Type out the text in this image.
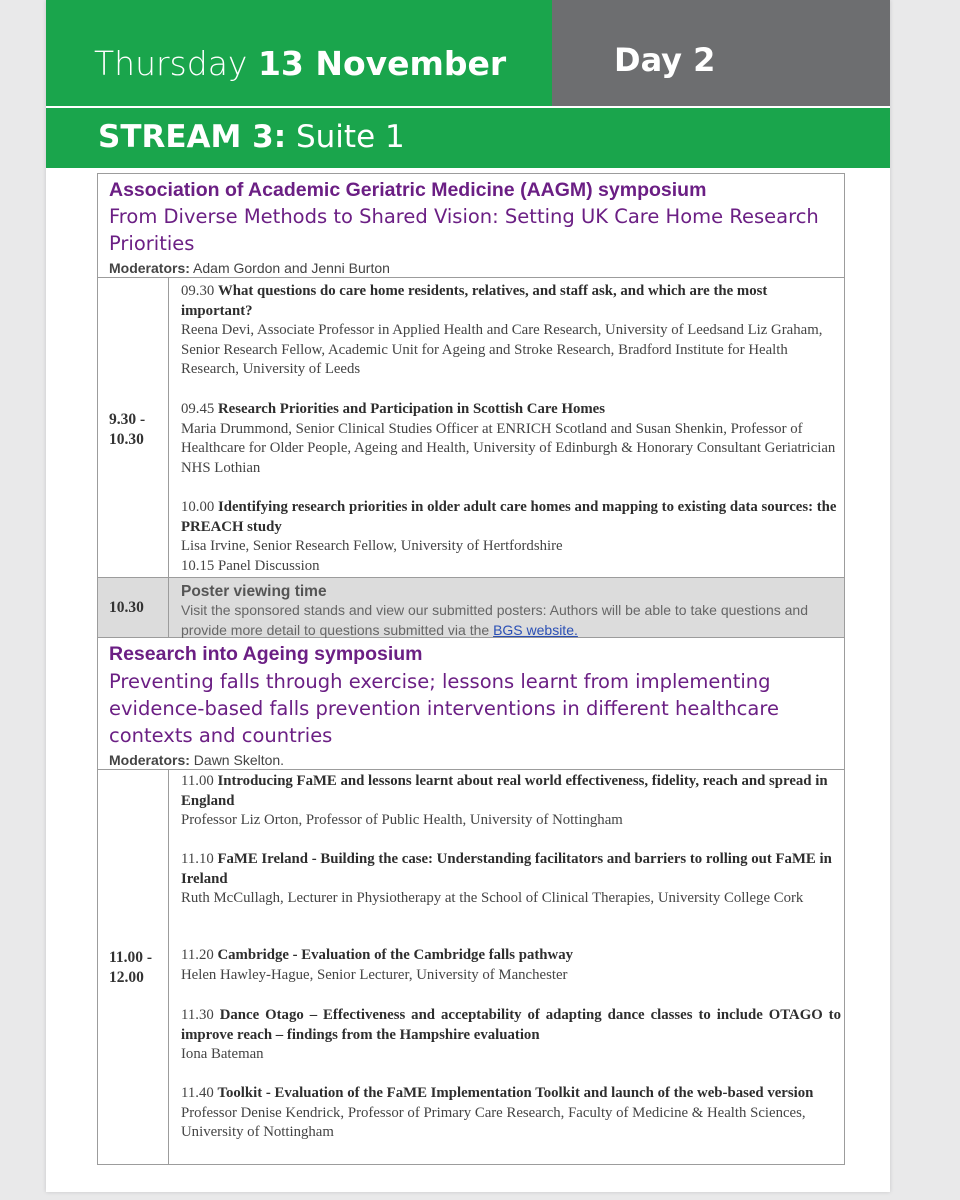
Thursday 13 November	Day 2
STREAM 3: Suite 1
Association of Academic Geriatric Medicine (AAGM) symposium
From Diverse Methods to Shared Vision: Setting UK Care Home Research Priorities
Moderators: Adam Gordon and Jenni Burton
9.30 -
10.30
09.30 What questions do care home residents, relatives, and staff ask, and which are the most important?
Reena Devi, Associate Professor in Applied Health and Care Research, University of Leedsand Liz Graham, Senior Research Fellow, Academic Unit for Ageing and Stroke Research, Bradford Institute for Health Research, University of Leeds
09.45 Research Priorities and Participation in Scottish Care Homes
Maria Drummond, Senior Clinical Studies Officer at ENRICH Scotland and Susan Shenkin, Professor of Healthcare for Older People, Ageing and Health, University of Edinburgh & Honorary Consultant Geriatrician NHS Lothian
10.00 Identifying research priorities in older adult care homes and mapping to existing data sources: the PREACH study
Lisa Irvine, Senior Research Fellow, University of Hertfordshire
10.15 Panel Discussion
10.30
Poster viewing time
Visit the sponsored stands and view our submitted posters: Authors will be able to take questions and provide more detail to questions submitted via the BGS website.
Research into Ageing symposium
Preventing falls through exercise; lessons learnt from implementing evidence-based falls prevention interventions in different healthcare contexts and countries
Moderators: Dawn Skelton.
11.00 -
12.00
11.00 Introducing FaME and lessons learnt about real world effectiveness, fidelity, reach and spread in England
Professor Liz Orton, Professor of Public Health, University of Nottingham
11.10 FaME Ireland - Building the case: Understanding facilitators and barriers to rolling out FaME in Ireland
Ruth McCullagh, Lecturer in Physiotherapy at the School of Clinical Therapies, University College Cork
11.20 Cambridge - Evaluation of the Cambridge falls pathway
Helen Hawley-Hague, Senior Lecturer, University of Manchester
11.30 Dance Otago – Effectiveness and acceptability of adapting dance classes to include OTAGO to improve reach – findings from the Hampshire evaluation
Iona Bateman
11.40 Toolkit - Evaluation of the FaME Implementation Toolkit and launch of the web-based version
Professor Denise Kendrick, Professor of Primary Care Research, Faculty of Medicine & Health Sciences, University of Nottingham
